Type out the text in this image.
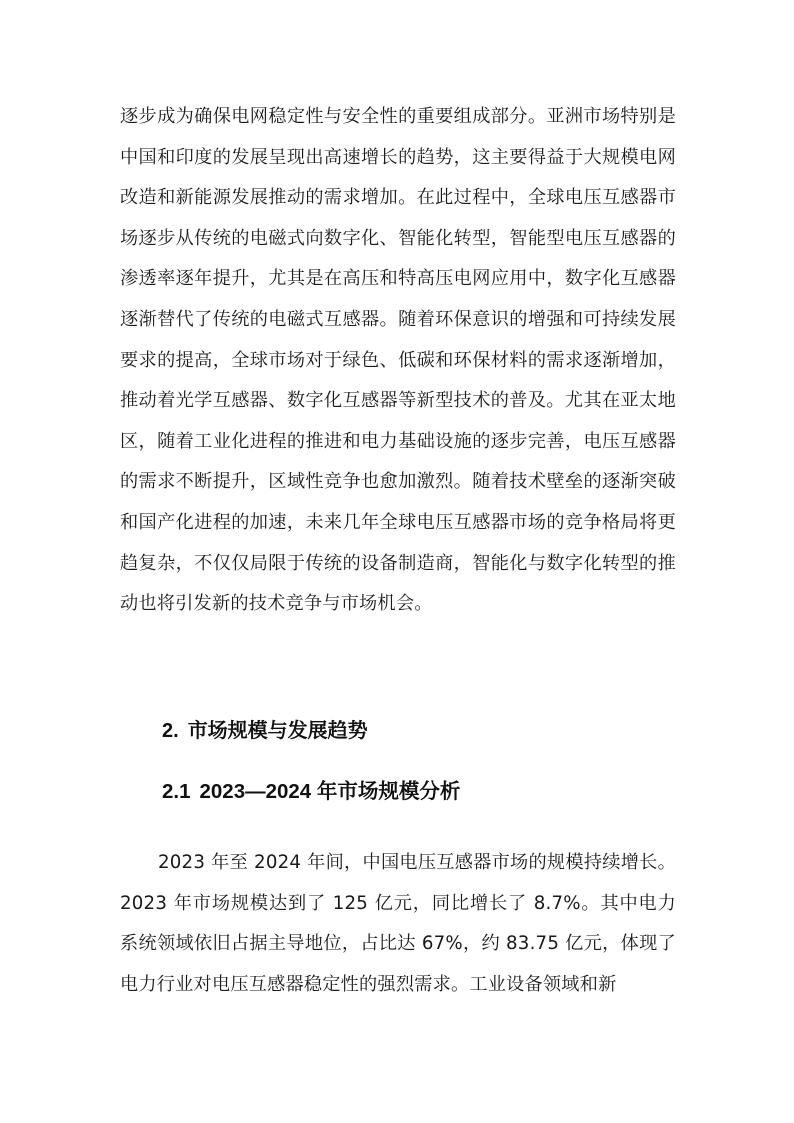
逐步成为确保电网稳定性与安全性的重要组成部分。亚洲市场特别是中国和印度的发展呈现出高速增长的趋势，这主要得益于大规模电网改造和新能源发展推动的需求增加。在此过程中，全球电压互感器市场逐步从传统的电磁式向数字化、智能化转型，智能型电压互感器的渗透率逐年提升，尤其是在高压和特高压电网应用中，数字化互感器逐渐替代了传统的电磁式互感器。随着环保意识的增强和可持续发展要求的提高，全球市场对于绿色、低碳和环保材料的需求逐渐增加，推动着光学互感器、数字化互感器等新型技术的普及。尤其在亚太地区，随着工业化进程的推进和电力基础设施的逐步完善，电压互感器的需求不断提升，区域性竞争也愈加激烈。随着技术壁垒的逐渐突破和国产化进程的加速，未来几年全球电压互感器市场的竞争格局将更趋复杂，不仅仅局限于传统的设备制造商，智能化与数字化转型的推动也将引发新的技术竞争与市场机会。

2. 市场规模与发展趋势
2.1 2023—2024 年市场规模分析

2023 年至 2024 年间，中国电压互感器市场的规模持续增长。2023 年市场规模达到了 125 亿元，同比增长了 8.7%。其中电力系统领域依旧占据主导地位，占比达 67%，约 83.75 亿元，体现了电力行业对电压互感器稳定性的强烈需求。工业设备领域和新
